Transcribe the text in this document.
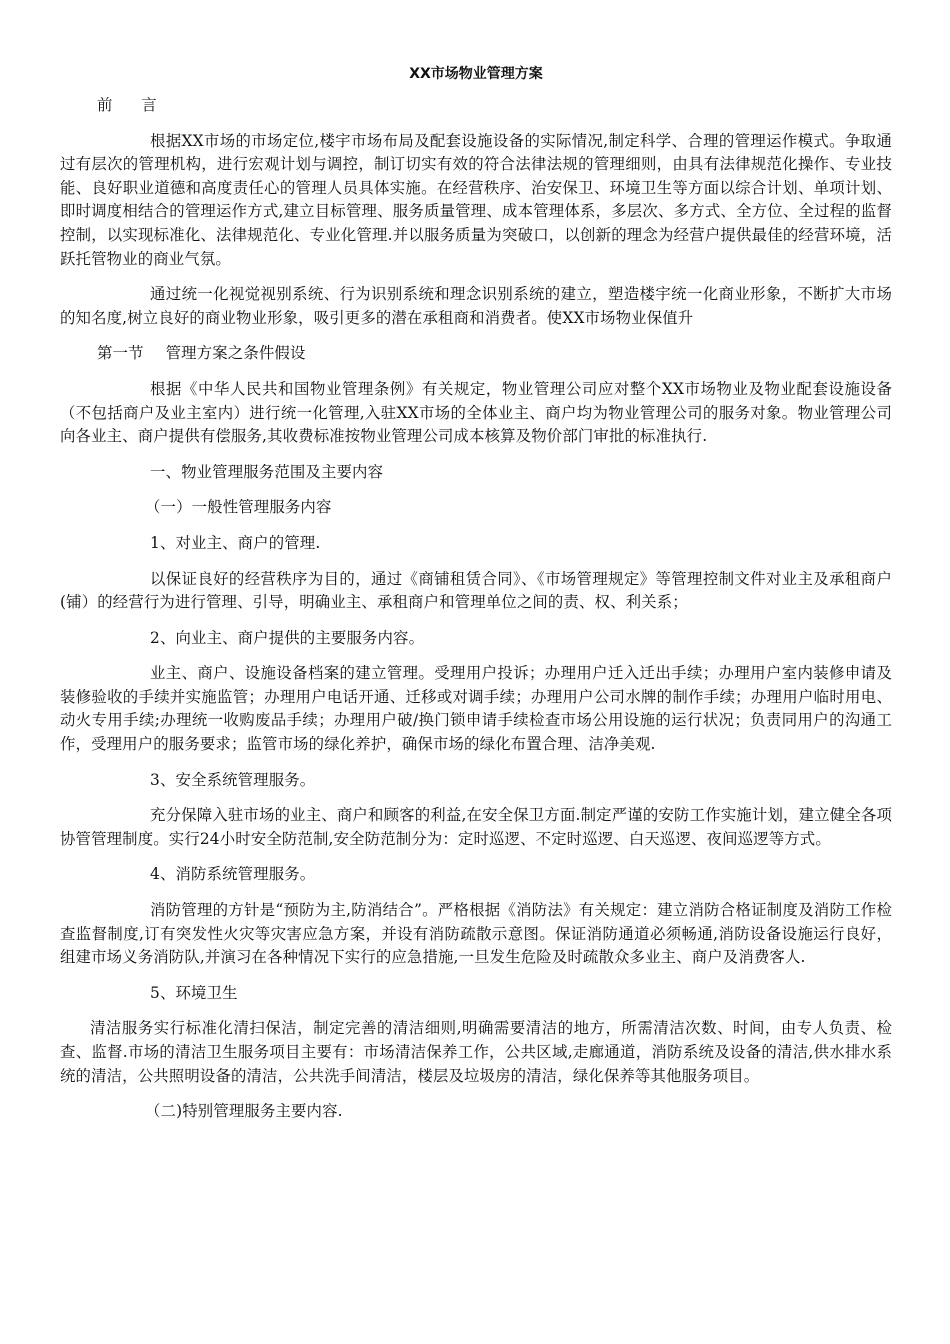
XX市场物业管理方案

前 言

根据XX市场的市场定位,楼宇市场布局及配套设施设备的实际情况,制定科学、合理的管理运作模式。争取通过有层次的管理机构，进行宏观计划与调控，制订切实有效的符合法律法规的管理细则，由具有法律规范化操作、专业技能、良好职业道德和高度责任心的管理人员具体实施。在经营秩序、治安保卫、环境卫生等方面以综合计划、单项计划、即时调度相结合的管理运作方式,建立目标管理、服务质量管理、成本管理体系，多层次、多方式、全方位、全过程的监督控制，以实现标准化、法律规范化、专业化管理.并以服务质量为突破口，以创新的理念为经营户提供最佳的经营环境，活跃托管物业的商业气氛。

通过统一化视觉视别系统、行为识别系统和理念识别系统的建立，塑造楼宇统一化商业形象，不断扩大市场的知名度,树立良好的商业物业形象，吸引更多的潜在承租商和消费者。使XX市场物业保值升

第一节 管理方案之条件假设

根据《中华人民共和国物业管理条例》有关规定，物业管理公司应对整个XX市场物业及物业配套设施设备（不包括商户及业主室内）进行统一化管理,入驻XX市场的全体业主、商户均为物业管理公司的服务对象。物业管理公司向各业主、商户提供有偿服务,其收费标准按物业管理公司成本核算及物价部门审批的标准执行.

一、物业管理服务范围及主要内容

（一）一般性管理服务内容

1、对业主、商户的管理.

以保证良好的经营秩序为目的，通过《商铺租赁合同》、《市场管理规定》等管理控制文件对业主及承租商户(铺）的经营行为进行管理、引导，明确业主、承租商户和管理单位之间的责、权、利关系；

2、向业主、商户提供的主要服务内容。

业主、商户、设施设备档案的建立管理。受理用户投诉；办理用户迁入迁出手续；办理用户室内装修申请及装修验收的手续并实施监管；办理用户电话开通、迁移或对调手续；办理用户公司水牌的制作手续；办理用户临时用电、动火专用手续;办理统一收购废品手续；办理用户破/换门锁申请手续检查市场公用设施的运行状况；负责同用户的沟通工作，受理用户的服务要求；监管市场的绿化养护，确保市场的绿化布置合理、洁净美观.

3、安全系统管理服务。

充分保障入驻市场的业主、商户和顾客的利益,在安全保卫方面.制定严谨的安防工作实施计划，建立健全各项协管管理制度。实行24小时安全防范制,安全防范制分为：定时巡逻、不定时巡逻、白天巡逻、夜间巡逻等方式。

4、消防系统管理服务。

消防管理的方针是“预防为主,防消结合”。严格根据《消防法》有关规定：建立消防合格证制度及消防工作检查监督制度,订有突发性火灾等灾害应急方案，并设有消防疏散示意图。保证消防通道必须畅通,消防设备设施运行良好，组建市场义务消防队,并演习在各种情况下实行的应急措施,一旦发生危险及时疏散众多业主、商户及消费客人.

5、环境卫生

清洁服务实行标准化清扫保洁，制定完善的清洁细则,明确需要清洁的地方，所需清洁次数、时间，由专人负责、检查、监督.市场的清洁卫生服务项目主要有：市场清洁保养工作，公共区域,走廊通道，消防系统及设备的清洁,供水排水系统的清洁，公共照明设备的清洁，公共洗手间清洁，楼层及垃圾房的清洁，绿化保养等其他服务项目。

（二)特别管理服务主要内容.
